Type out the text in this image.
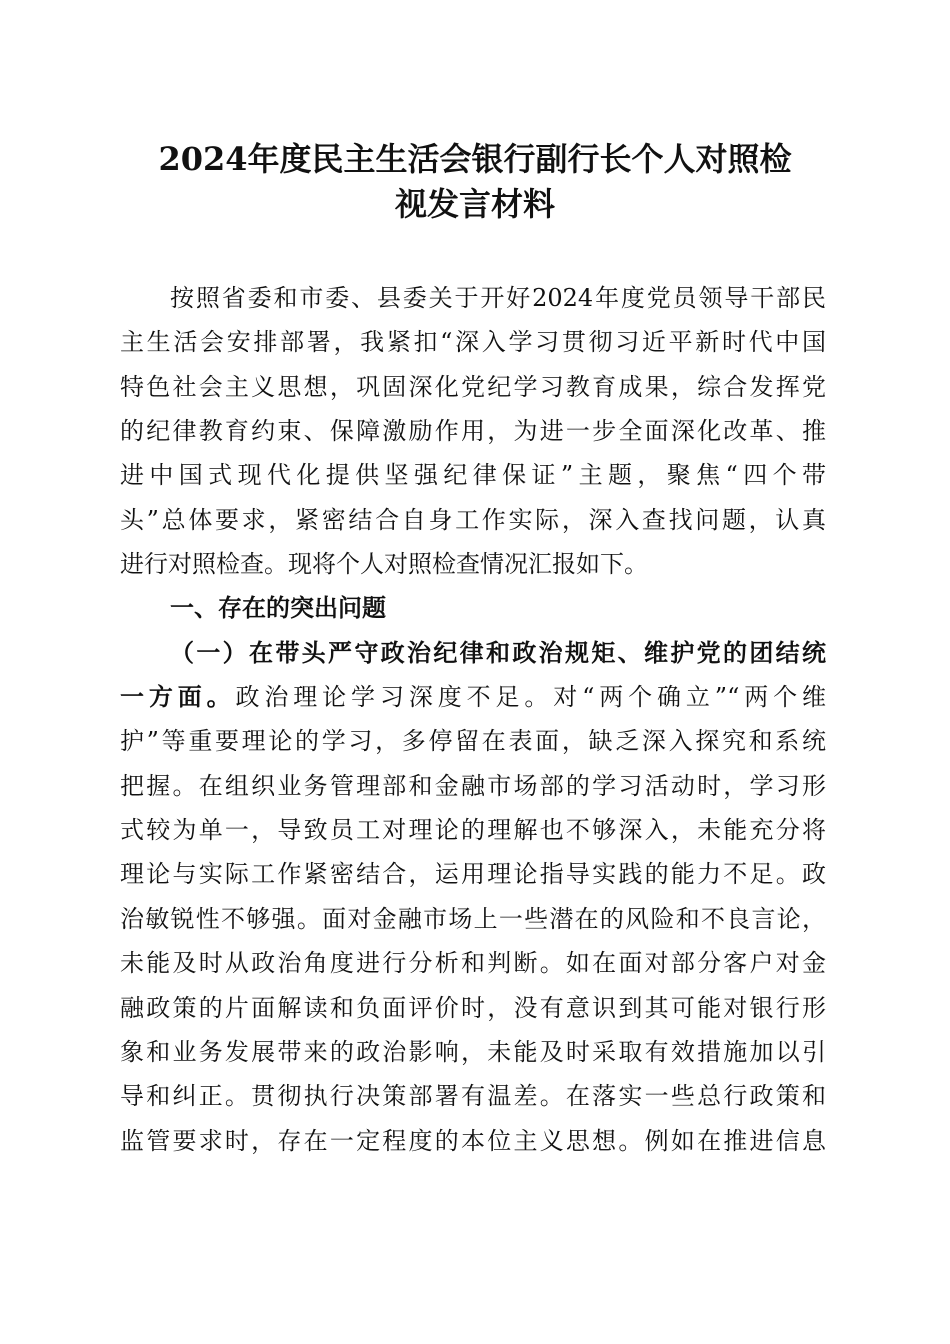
2024年度民主生活会银行副行长个人对照检
视发言材料
按照省委和市委、县委关于开好2024年度党员领导干部民
主生活会安排部署，我紧扣“深入学习贯彻习近平新时代中国
特色社会主义思想，巩固深化党纪学习教育成果，综合发挥党
的纪律教育约束、保障激励作用，为进一步全面深化改革、推
进中国式现代化提供坚强纪律保证”主题，聚焦“四个带
头”总体要求，紧密结合自身工作实际，深入查找问题，认真
进行对照检查。现将个人对照检查情况汇报如下。
一、存在的突出问题
（一）在带头严守政治纪律和政治规矩、维护党的团结统
一方面。政治理论学习深度不足。对“两个确立”“两个维
护”等重要理论的学习，多停留在表面，缺乏深入探究和系统
把握。在组织业务管理部和金融市场部的学习活动时，学习形
式较为单一，导致员工对理论的理解也不够深入，未能充分将
理论与实际工作紧密结合，运用理论指导实践的能力不足。政
治敏锐性不够强。面对金融市场上一些潜在的风险和不良言论，
未能及时从政治角度进行分析和判断。如在面对部分客户对金
融政策的片面解读和负面评价时，没有意识到其可能对银行形
象和业务发展带来的政治影响，未能及时采取有效措施加以引
导和纠正。贯彻执行决策部署有温差。在落实一些总行政策和
监管要求时，存在一定程度的本位主义思想。例如在推进信息
